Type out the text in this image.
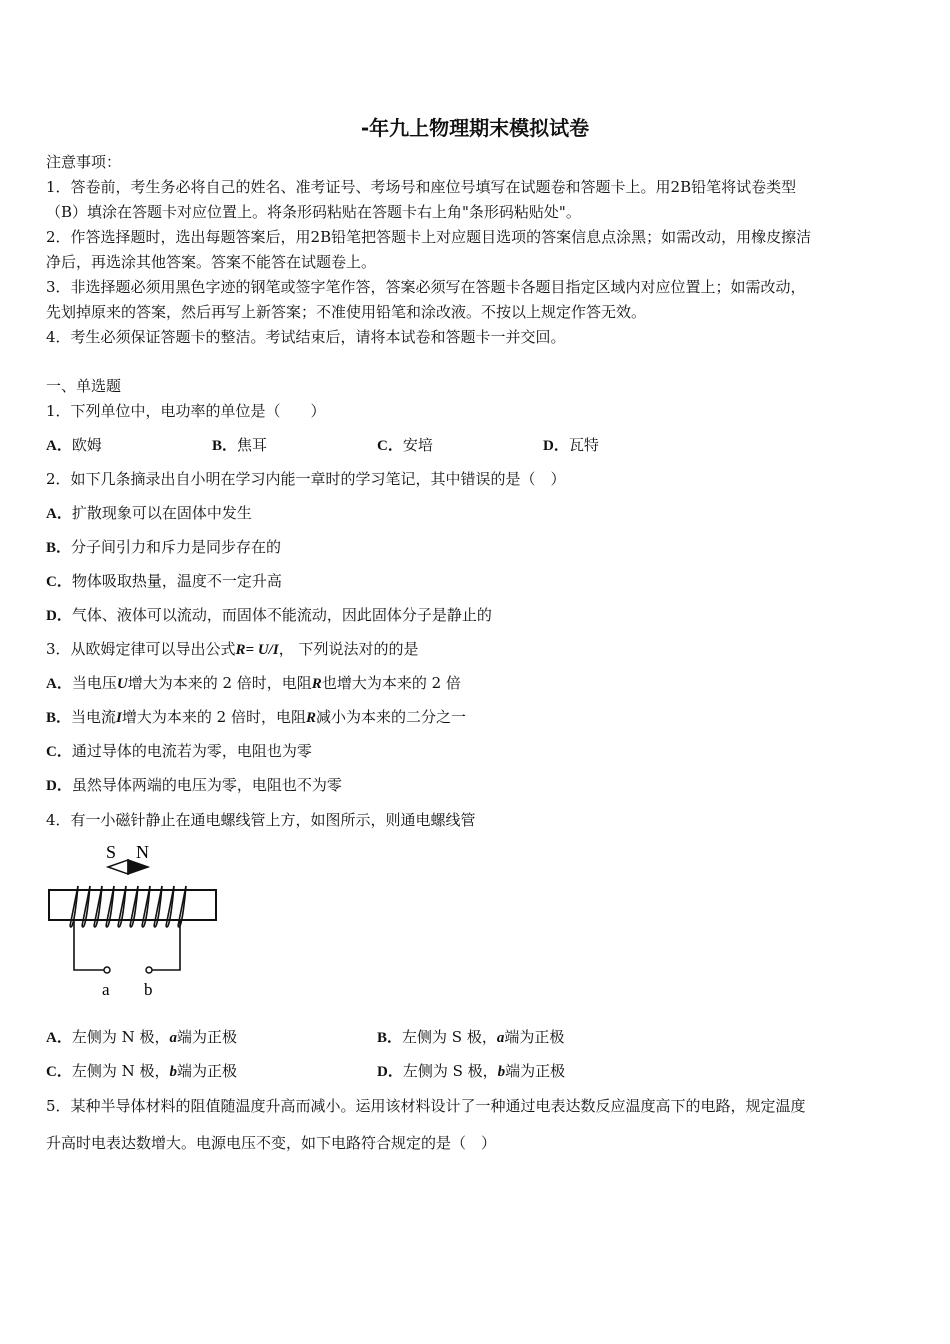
-年九上物理期末模拟试卷
注意事项：
1．答卷前，考生务必将自己的姓名、准考证号、考场号和座位号填写在试题卷和答题卡上。用2B铅笔将试卷类型
（B）填涂在答题卡对应位置上。将条形码粘贴在答题卡右上角"条形码粘贴处"。
2．作答选择题时，选出每题答案后，用2B铅笔把答题卡上对应题目选项的答案信息点涂黑；如需改动，用橡皮擦洁
净后，再选涂其他答案。答案不能答在试题卷上。
3．非选择题必须用黑色字迹的钢笔或签字笔作答，答案必须写在答题卡各题目指定区域内对应位置上；如需改动，
先划掉原来的答案，然后再写上新答案；不准使用铅笔和涂改液。不按以上规定作答无效。
4．考生必须保证答题卡的整洁。考试结束后，请将本试卷和答题卡一并交回。
一、单选题
1．下列单位中，电功率的单位是（　　）
A．欧姆	B．焦耳	C．安培	D．瓦特
2．如下几条摘录出自小明在学习内能一章时的学习笔记，其中错误的是（　）
A．扩散现象可以在固体中发生
B．分子间引力和斥力是同步存在的
C．物体吸取热量，温度不一定升高
D．气体、液体可以流动，而固体不能流动，因此固体分子是静止的
3．从欧姆定律可以导出公式R= U/I， 下列说法对的的是
A．当电压U增大为本来的 2 倍时，电阻R也增大为本来的 2 倍
B．当电流I增大为本来的 2 倍时，电阻R减小为本来的二分之一
C．通过导体的电流若为零，电阻也为零
D．虽然导体两端的电压为零，电阻也不为零
4．有一小磁针静止在通电螺线管上方，如图所示，则通电螺线管
S N
a b
A．左侧为 N 极，a端为正极	B．左侧为 S 极，a端为正极
C．左侧为 N 极，b端为正极	D．左侧为 S 极，b端为正极
5．某种半导体材料的阻值随温度升高而减小。运用该材料设计了一种通过电表达数反应温度高下的电路，规定温度
升高时电表达数增大。电源电压不变，如下电路符合规定的是（　）
